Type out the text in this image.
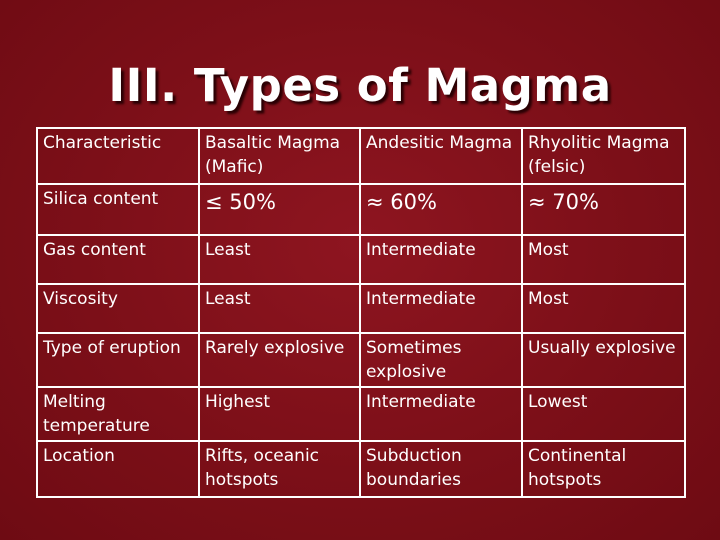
III. Types of Magma
Characteristic	Basaltic Magma (Mafic)	Andesitic Magma	Rhyolitic Magma (felsic)
Silica content	≤ 50%	≈ 60%	≈ 70%
Gas content	Least	Intermediate	Most
Viscosity	Least	Intermediate	Most
Type of eruption	Rarely explosive	Sometimes explosive	Usually explosive
Melting temperature	Highest	Intermediate	Lowest
Location	Rifts, oceanic hotspots	Subduction boundaries	Continental hotspots
